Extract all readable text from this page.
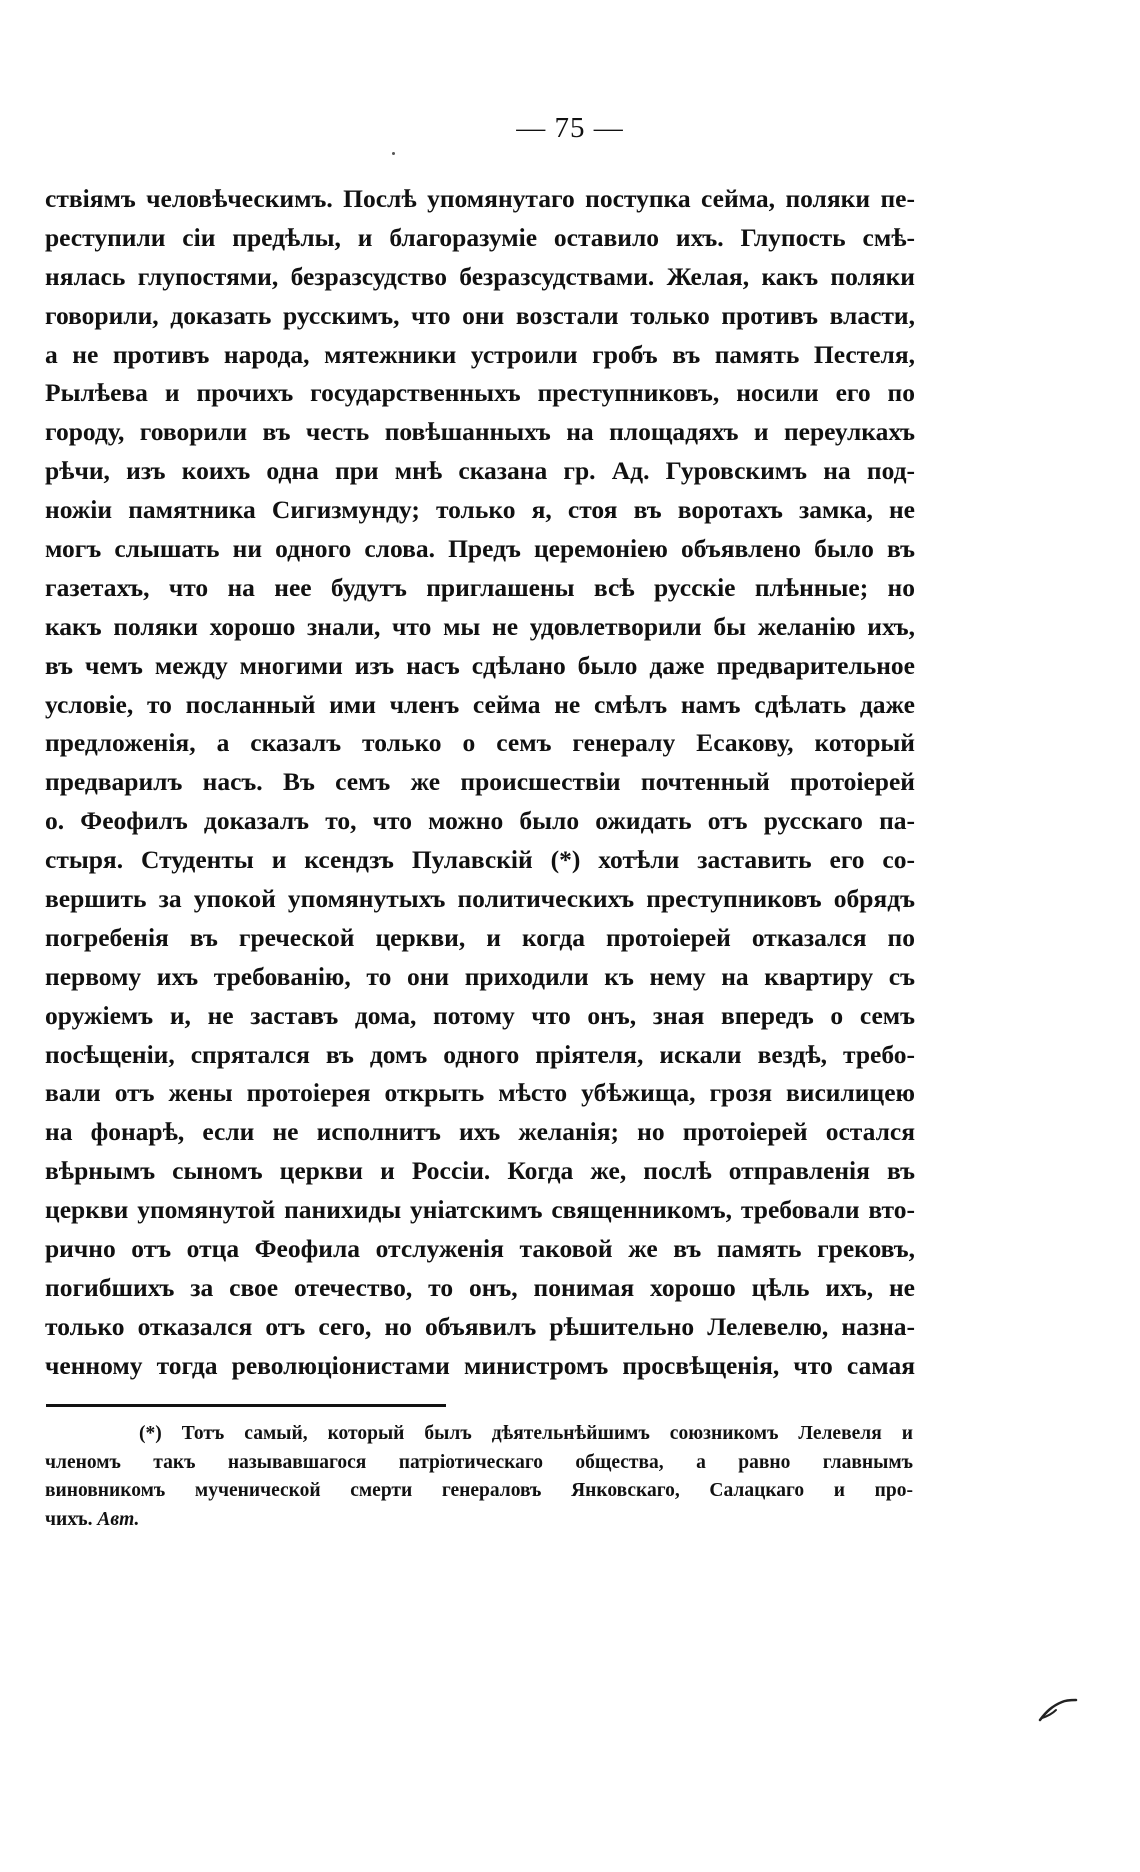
— 75 —
ствіямъ человѣческимъ. Послѣ упомянутаго поступка сейма, поляки пе-
реступили сіи предѣлы, и благоразуміе оставило ихъ. Глупость смѣ-
нялась глупостями, безразсудство безразсудствами. Желая, какъ поляки
говорили, доказать русскимъ, что они возстали только противъ власти,
а не противъ народа, мятежники устроили гробъ въ память Пестеля,
Рылѣева и прочихъ государственныхъ преступниковъ, носили его по
городу, говорили въ честь повѣшанныхъ на площадяхъ и переулкахъ
рѣчи, изъ коихъ одна при мнѣ сказана гр. Ад. Гуровскимъ на под-
ножіи памятника Сигизмунду; только я, стоя въ воротахъ замка, не
могъ слышать ни одного слова. Предъ церемоніею объявлено было въ
газетахъ, что на нее будутъ приглашены всѣ русскіе плѣнные; но
какъ поляки хорошо знали, что мы не удовлетворили бы желанію ихъ,
въ чемъ между многими изъ насъ сдѣлано было даже предварительное
условіе, то посланный ими членъ сейма не смѣлъ намъ сдѣлать даже
предложенія, а сказалъ только о семъ генералу Есакову, который
предварилъ насъ. Въ семъ же происшествіи почтенный протоіерей
о. Феофилъ доказалъ то, что можно было ожидать отъ русскаго па-
стыря. Студенты и ксендзъ Пулавскій (*) хотѣли заставить его со-
вершить за упокой упомянутыхъ политическихъ преступниковъ обрядъ
погребенія въ греческой церкви, и когда протоіерей отказался по
первому ихъ требованію, то они приходили къ нему на квартиру съ
оружіемъ и, не заставъ дома, потому что онъ, зная впередъ о семъ
посѣщеніи, спрятался въ домъ одного пріятеля, искали вездѣ, требо-
вали отъ жены протоіерея открыть мѣсто убѣжища, грозя висилицею
на фонарѣ, если не исполнитъ ихъ желанія; но протоіерей остался
вѣрнымъ сыномъ церкви и Россіи. Когда же, послѣ отправленія въ
церкви упомянутой панихиды уніатскимъ священникомъ, требовали вто-
рично отъ отца Феофила отслуженія таковой же въ память грековъ,
погибшихъ за свое отечество, то онъ, понимая хорошо цѣль ихъ, не
только отказался отъ сего, но объявилъ рѣшительно Лелевелю, назна-
ченному тогда революціонистами министромъ просвѣщенія, что самая
(*) Тотъ самый, который былъ дѣятельнѣйшимъ союзникомъ Лелевеля и
членомъ такъ называвшагося патріотическаго общества, а равно главнымъ
виновникомъ мученической смерти генераловъ Янковскаго, Салацкаго и про-
чихъ. Авт.
